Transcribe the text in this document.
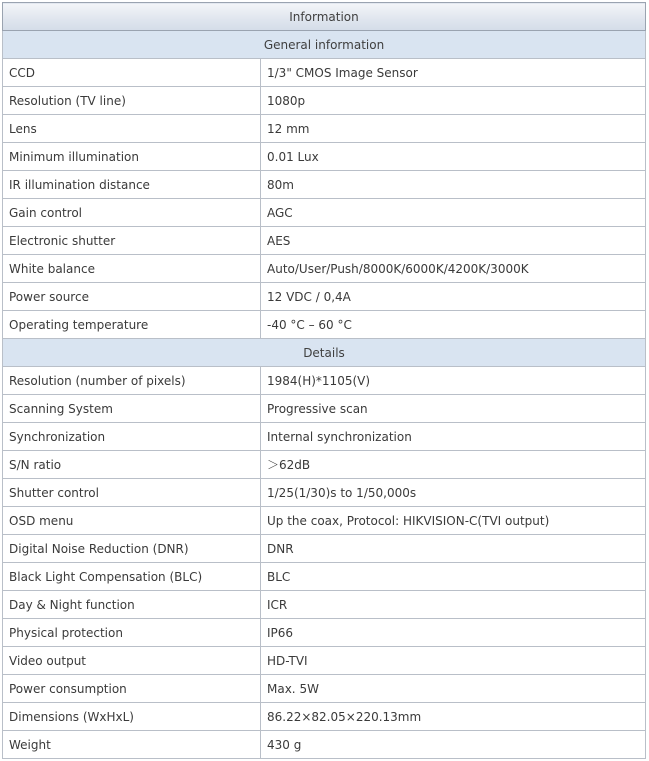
Information	
General information	
CCD	1/3" CMOS Image Sensor
Resolution (TV line)	1080p
Lens	12 mm
Minimum illumination	0.01 Lux
IR illumination distance	80m
Gain control	AGC
Electronic shutter	AES
White balance	Auto/User/Push/8000K/6000K/4200K/3000K
Power source	12 VDC / 0,4A
Operating temperature	-40 °C – 60 °C
Details	
Resolution (number of pixels)	1984(H)*1105(V)
Scanning System	Progressive scan
Synchronization	Internal synchronization
S/N ratio	＞62dB
Shutter control	1/25(1/30)s to 1/50,000s
OSD menu	Up the coax, Protocol: HIKVISION-C(TVI output)
Digital Noise Reduction (DNR)	DNR
Black Light Compensation (BLC)	BLC
Day & Night function	ICR
Physical protection	IP66
Video output	HD-TVI
Power consumption	Max. 5W
Dimensions (WxHxL)	86.22×82.05×220.13mm
Weight	430 g
